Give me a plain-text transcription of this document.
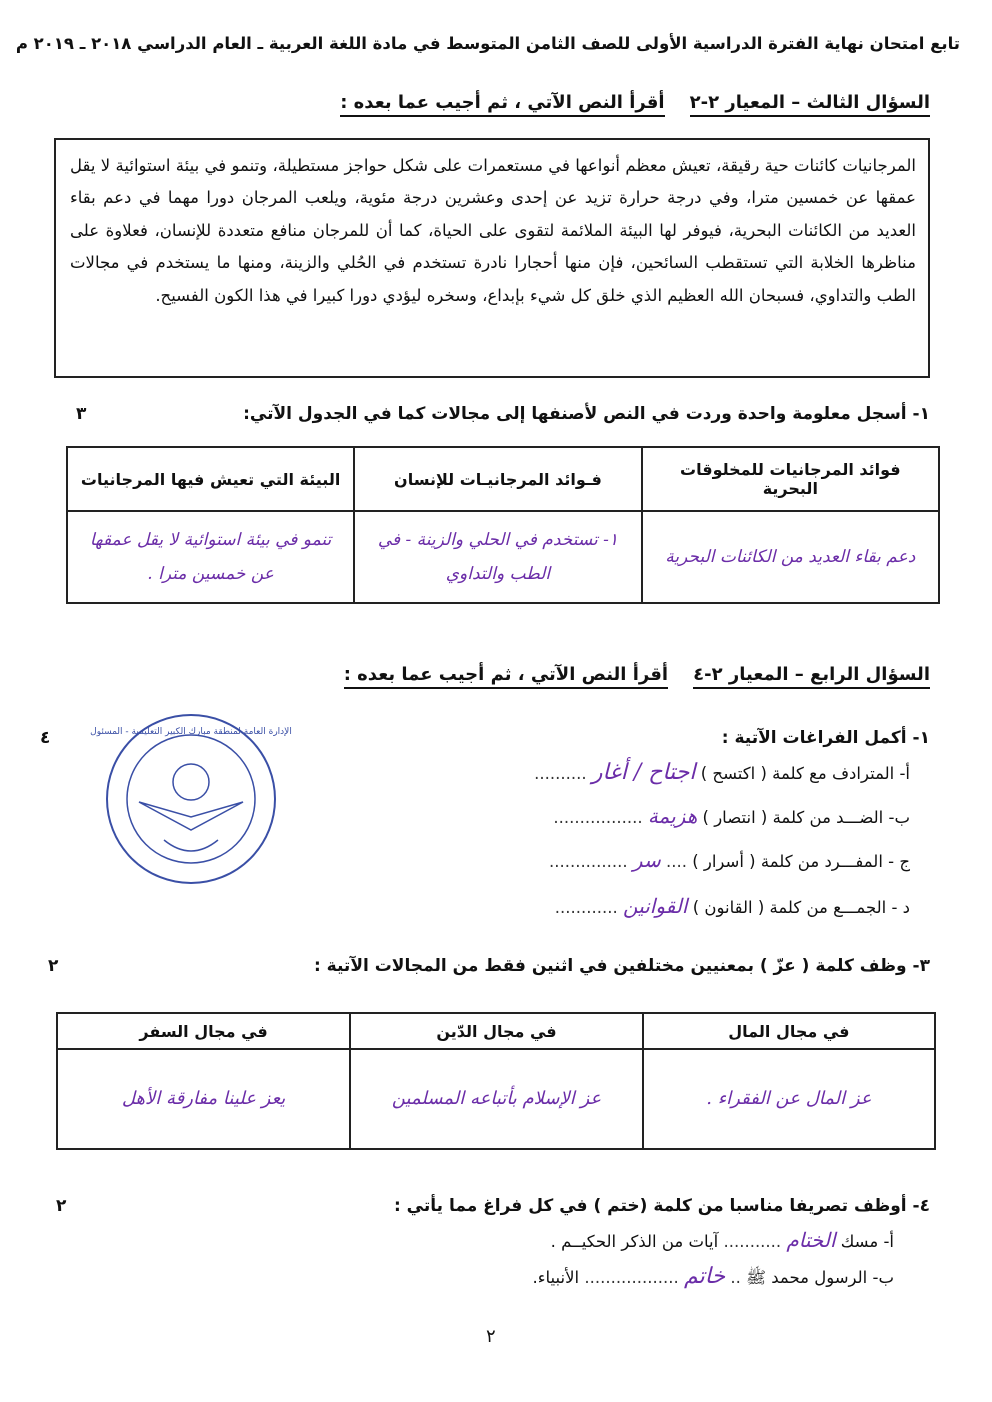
تابع امتحان نهاية الفترة الدراسية الأولى للصف الثامن المتوسط في مادة اللغة العربية ـ العام الدراسي ٢٠١٨ ـ ٢٠١٩ م
السؤال الثالث – المعيار ٢-٢    أقرأ النص الآتي ، ثم أجيب عما بعده :
المرجانيات كائنات حية رقيقة، تعيش معظم أنواعها في مستعمرات على شكل حواجز مستطيلة، وتنمو في بيئة استوائية لا يقل عمقها عن خمسين مترا، وفي درجة حرارة تزيد عن إحدى وعشرين درجة مئوية، ويلعب المرجان دورا مهما في دعم بقاء العديد من الكائنات البحرية، فيوفر لها البيئة الملائمة لتقوى على الحياة، كما أن للمرجان منافع متعددة للإنسان، فعلاوة على مناظرها الخلابة التي تستقطب السائحين، فإن منها أحجارا نادرة تستخدم في الحُلي والزينة، ومنها ما يستخدم في مجالات الطب والتداوي، فسبحان الله العظيم الذي خلق كل شيء بإبداع، وسخره ليؤدي دورا كبيرا في هذا الكون الفسيح.
١- أسجل معلومة واحدة وردت في النص لأصنفها إلى مجالات كما في الجدول الآتي:
٣
فوائد المرجانيات للمخلوقات البحرية	فـوائد المرجانيـات للإنسان	البيئة التي تعيش فيها المرجانيات
دعم بقاء العديد من الكائنات البحرية	١- تستخدم في الحلي والزينة - في الطب والتداوي	تنمو في بيئة استوائية لا يقل عمقها عن خمسين مترا .
السؤال الرابع – المعيار ٢-٤    أقرأ النص الآتي ، ثم أجيب عما بعده :
الإدارة العامة لمنطقة مبارك الكبير التعليمية - المسئول	١- أكمل الفراغات الآتية :
٤
أ- المترادف مع كلمة ( اكتسح ) اجتاح / أغار ..........
ب- الضـــد من كلمة ( انتصار ) هزيمة .................
ج - المفـــرد من كلمة ( أسرار ) .... سر ...............
د - الجمـــع من كلمة ( القانون ) القوانين ............
٣- وظف كلمة ( عزّ ) بمعنيين مختلفين في اثنين فقط من المجالات الآتية :
٢
في مجال المال	في مجال الدّين	في مجال السفر
عز المال عن الفقراء .	عز الإسلام بأتباعه المسلمين	يعز علينا مفارقة الأهل
٤- أوظف تصريفا مناسبا من كلمة (ختم ) في كل فراغ مما يأتي :
٢
أ- مسك الختام ........... آيات من الذكر الحكيــم .
ب- الرسول محمد ﷺ .. خاتم .................. الأنبياء.
٢
